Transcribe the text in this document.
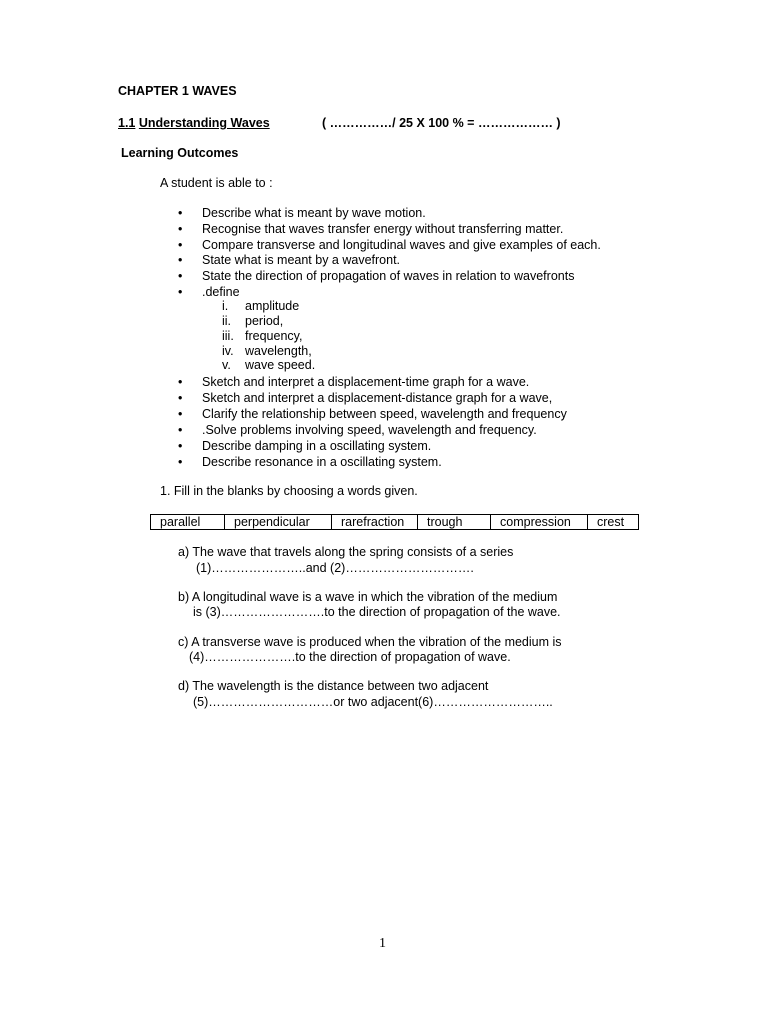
CHAPTER 1 WAVES
1.1 Understanding Waves	( ……………/ 25 X 100 % = ……………… )
Learning Outcomes
A student is able to :
•	Describe what is meant by wave motion.
•	Recognise that waves transfer energy without transferring matter.
•	Compare transverse and longitudinal waves and give examples of each.
•	State what is meant by a wavefront.
•	State the direction of propagation of waves in relation to wavefronts
•	.define
i.	amplitude
ii.	period,
iii. frequency,
iv. wavelength,
v.	wave speed.
•	Sketch and interpret a displacement-time graph for a wave.
•	Sketch and interpret a displacement-distance graph for a wave,
•	Clarify the relationship between speed, wavelength and frequency
•	.Solve problems involving speed, wavelength and frequency.
•	Describe damping in a oscillating system.
•	Describe resonance in a oscillating system.
1. Fill in the blanks by choosing a words given.
parallel	perpendicular	rarefraction	trough	compression	crest
a) The wave that travels along the spring consists of a series
(1)…………………..and (2)………………………….
b) A longitudinal wave is a wave in which the vibration of the medium
is (3)…………………….to the direction of propagation of the wave.
c) A transverse wave is produced when the vibration of the medium is
(4)………………….to the direction of propagation of wave.
d) The wavelength is the distance between two adjacent
(5)…………………………or two adjacent(6)………………………..
1
